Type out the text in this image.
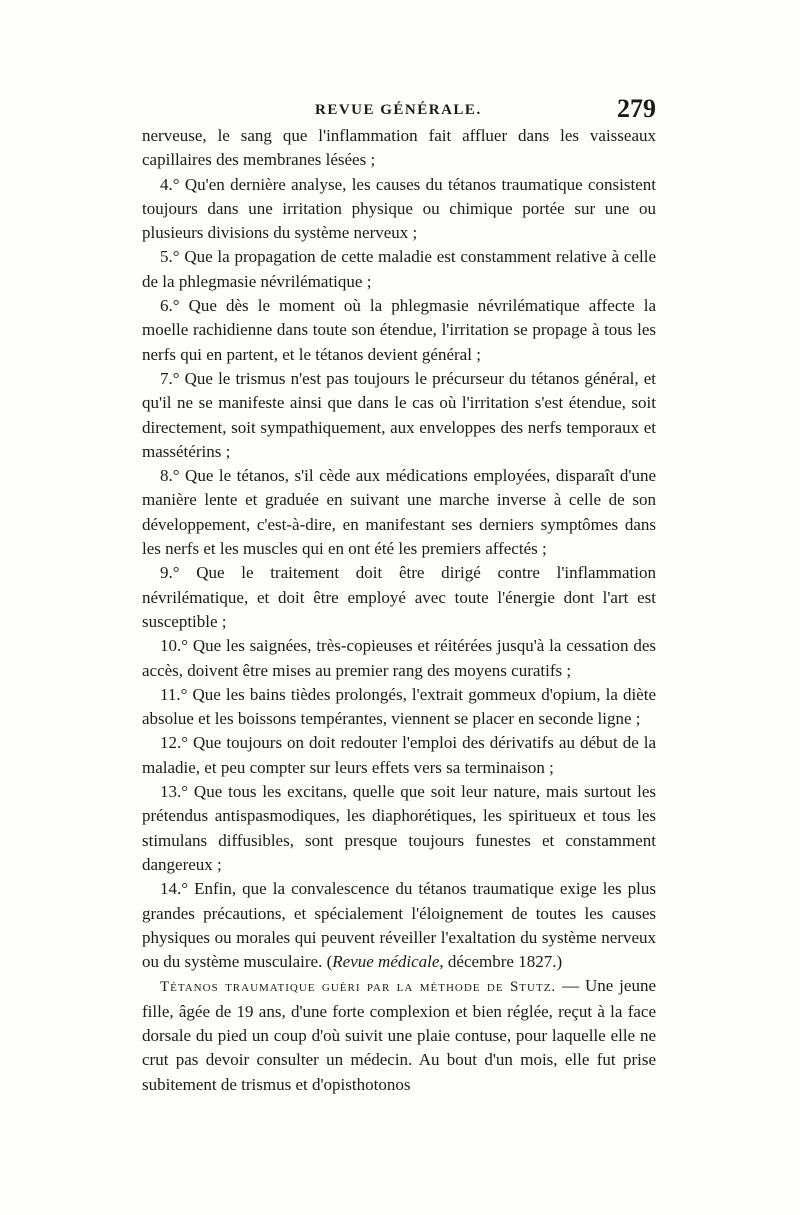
REVUE GÉNÉRALE.	279

nerveuse, le sang que l'inflammation fait affluer dans les vaisseaux capillaires des membranes lésées ;

4.° Qu'en dernière analyse, les causes du tétanos traumatique consistent toujours dans une irritation physique ou chimique portée sur une ou plusieurs divisions du système nerveux ;

5.° Que la propagation de cette maladie est constamment relative à celle de la phlegmasie névrilématique ;

6.° Que dès le moment où la phlegmasie névrilématique affecte la moelle rachidienne dans toute son étendue, l'irritation se propage à tous les nerfs qui en partent, et le tétanos devient général ;

7.° Que le trismus n'est pas toujours le précurseur du tétanos général, et qu'il ne se manifeste ainsi que dans le cas où l'irritation s'est étendue, soit directement, soit sympathiquement, aux enveloppes des nerfs temporaux et massétérins ;

8.° Que le tétanos, s'il cède aux médications employées, disparaît d'une manière lente et graduée en suivant une marche inverse à celle de son développement, c'est-à-dire, en manifestant ses derniers symptômes dans les nerfs et les muscles qui en ont été les premiers affectés ;

9.° Que le traitement doit être dirigé contre l'inflammation névrilématique, et doit être employé avec toute l'énergie dont l'art est susceptible ;

10.° Que les saignées, très-copieuses et réitérées jusqu'à la cessation des accès, doivent être mises au premier rang des moyens curatifs ;

11.° Que les bains tièdes prolongés, l'extrait gommeux d'opium, la diète absolue et les boissons tempérantes, viennent se placer en seconde ligne ;

12.° Que toujours on doit redouter l'emploi des dérivatifs au début de la maladie, et peu compter sur leurs effets vers sa terminaison ;

13.° Que tous les excitans, quelle que soit leur nature, mais surtout les prétendus antispasmodiques, les diaphorétiques, les spiritueux et tous les stimulans diffusibles, sont presque toujours funestes et constamment dangereux ;

14.° Enfin, que la convalescence du tétanos traumatique exige les plus grandes précautions, et spécialement l'éloignement de toutes les causes physiques ou morales qui peuvent réveiller l'exaltation du système nerveux ou du système musculaire. (Revue médicale, décembre 1827.)

Tétanos traumatique guéri par la méthode de Stutz. — Une jeune fille, âgée de 19 ans, d'une forte complexion et bien réglée, reçut à la face dorsale du pied un coup d'où suivit une plaie contuse, pour laquelle elle ne crut pas devoir consulter un médecin. Au bout d'un mois, elle fut prise subitement de trismus et d'opisthotonos
